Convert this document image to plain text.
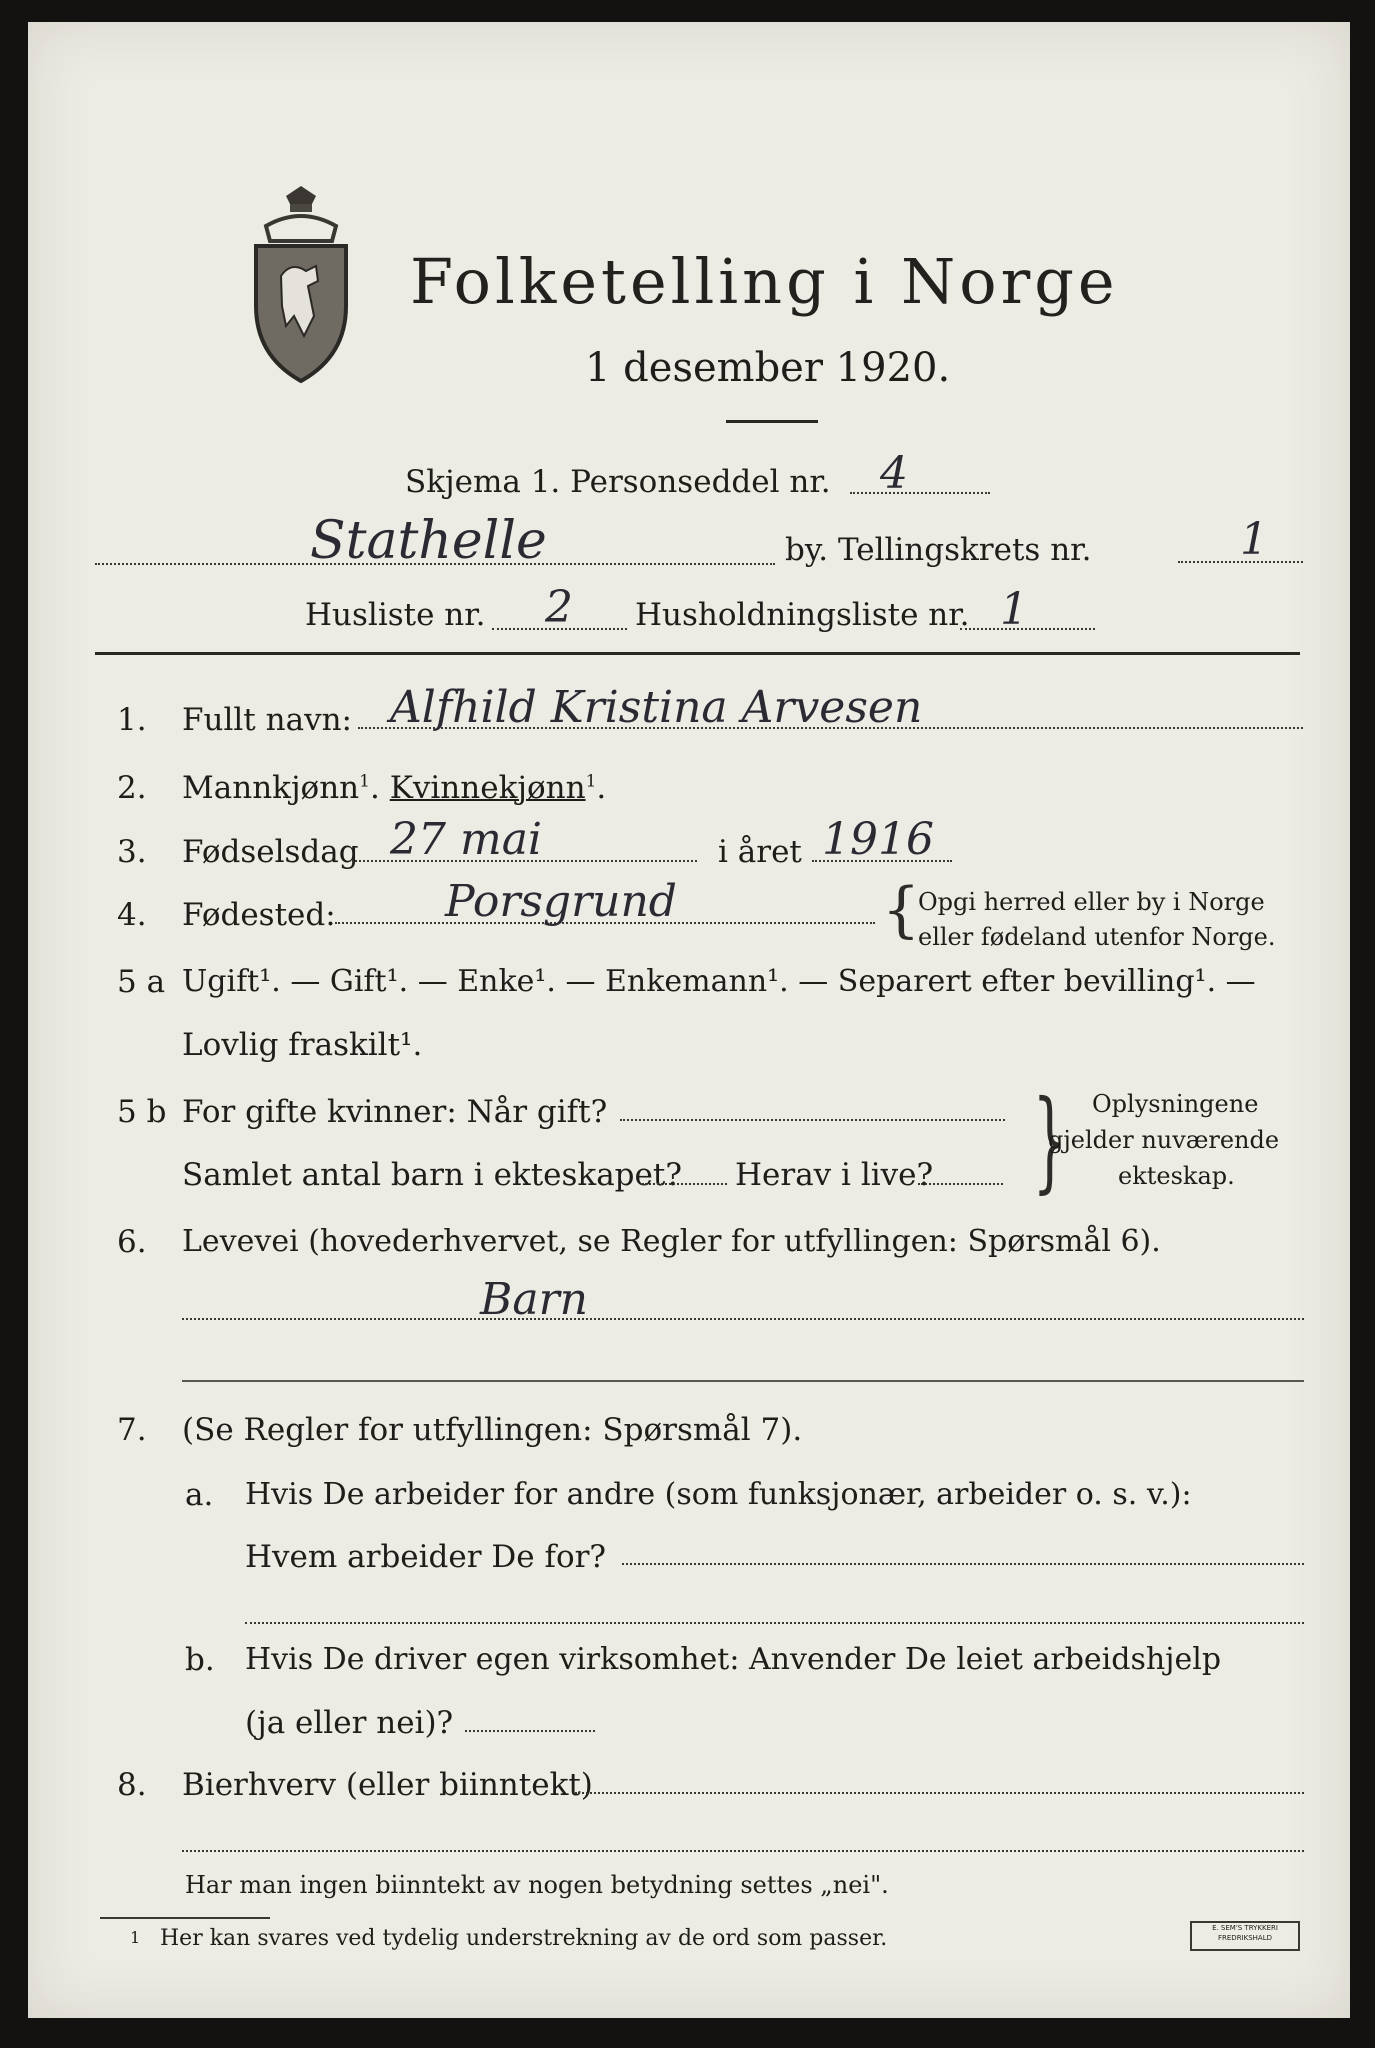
Folketelling i Norge
1 desember 1920.
Skjema 1. Personseddel nr. 4
Stathelle	by. Tellingskrets nr.	1
Husliste nr. 2 Husholdningsliste nr. 1
1. Fullt navn: Alfhild Kristina Arvesen
2. Mannkjønn$^1$. Kvinnekjønn$^1$.
3. Fødselsdag 27 mai	i året 1916
4. Fødested: Porsgrund	{
Opgi herred eller by i Norge
eller fødeland utenfor Norge.
5 a Ugift¹. — Gift¹. — Enke¹. — Enkemann¹. — Separert efter bevilling¹. —
Lovlig fraskilt¹.
5 b For gifte kvinner: Når gift?
Samlet antal barn i ekteskapet? Herav i live? } Oplysningene
gjelder nuværende
ekteskap.
6. Levevei (hovederhvervet, se Regler for utfyllingen: Spørsmål 6).
Barn
7. (Se Regler for utfyllingen: Spørsmål 7).
a. Hvis De arbeider for andre (som funksjonær, arbeider o. s. v.):
Hvem arbeider De for?
b. Hvis De driver egen virksomhet: Anvender De leiet arbeidshjelp
(ja eller nei)?
8. Bierhverv (eller biinntekt)
Har man ingen biinntekt av nogen betydning settes „nei".
1 Her kan svares ved tydelig understrekning av de ord som passer.	E. SEM'S TRYKKERI
FREDRIKSHALD
